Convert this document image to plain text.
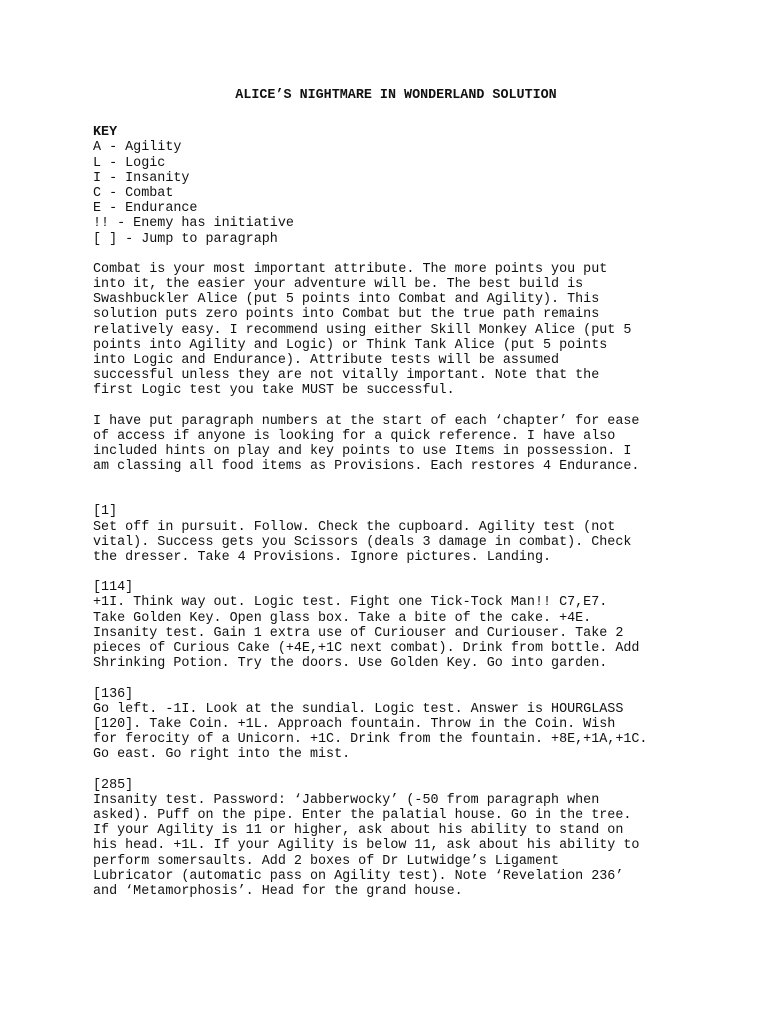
ALICE’S NIGHTMARE IN WONDERLAND SOLUTION
KEY
A - Agility
L - Logic
I - Insanity
C - Combat
E - Endurance
!! - Enemy has initiative
[ ] - Jump to paragraph
Combat is your most important attribute. The more points you put
into it, the easier your adventure will be. The best build is
Swashbuckler Alice (put 5 points into Combat and Agility). This
solution puts zero points into Combat but the true path remains
relatively easy. I recommend using either Skill Monkey Alice (put 5
points into Agility and Logic) or Think Tank Alice (put 5 points
into Logic and Endurance). Attribute tests will be assumed
successful unless they are not vitally important. Note that the
first Logic test you take MUST be successful.
I have put paragraph numbers at the start of each ‘chapter’ for ease
of access if anyone is looking for a quick reference. I have also
included hints on play and key points to use Items in possession. I
am classing all food items as Provisions. Each restores 4 Endurance.
[1]
Set off in pursuit. Follow. Check the cupboard. Agility test (not
vital). Success gets you Scissors (deals 3 damage in combat). Check
the dresser. Take 4 Provisions. Ignore pictures. Landing.
[114]
+1I. Think way out. Logic test. Fight one Tick-Tock Man!! C7,E7.
Take Golden Key. Open glass box. Take a bite of the cake. +4E.
Insanity test. Gain 1 extra use of Curiouser and Curiouser. Take 2
pieces of Curious Cake (+4E,+1C next combat). Drink from bottle. Add
Shrinking Potion. Try the doors. Use Golden Key. Go into garden.
[136]
Go left. -1I. Look at the sundial. Logic test. Answer is HOURGLASS
[120]. Take Coin. +1L. Approach fountain. Throw in the Coin. Wish
for ferocity of a Unicorn. +1C. Drink from the fountain. +8E,+1A,+1C.
Go east. Go right into the mist.
[285]
Insanity test. Password: ‘Jabberwocky’ (-50 from paragraph when
asked). Puff on the pipe. Enter the palatial house. Go in the tree.
If your Agility is 11 or higher, ask about his ability to stand on
his head. +1L. If your Agility is below 11, ask about his ability to
perform somersaults. Add 2 boxes of Dr Lutwidge’s Ligament
Lubricator (automatic pass on Agility test). Note ‘Revelation 236’
and ‘Metamorphosis’. Head for the grand house.
